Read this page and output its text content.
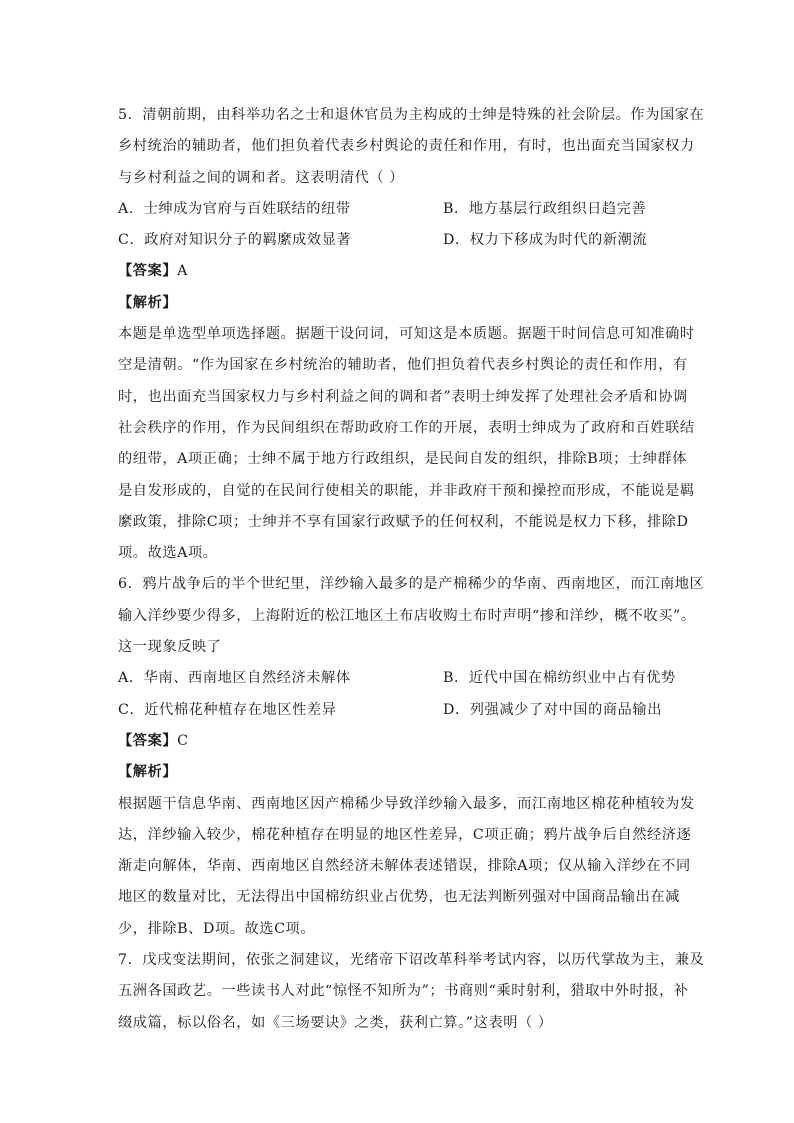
5．清朝前期，由科举功名之士和退休官员为主构成的士绅是特殊的社会阶层。作为国家在
乡村统治的辅助者，他们担负着代表乡村舆论的责任和作用，有时，也出面充当国家权力
与乡村利益之间的调和者。这表明清代（ ）
A．士绅成为官府与百姓联结的纽带	B．地方基层行政组织日趋完善
C．政府对知识分子的羁縻成效显著	D．权力下移成为时代的新潮流
【答案】A
【解析】
本题是单选型单项选择题。据题干设问词，可知这是本质题。据题干时间信息可知准确时
空是清朝。“作为国家在乡村统治的辅助者，他们担负着代表乡村舆论的责任和作用，有
时，也出面充当国家权力与乡村利益之间的调和者”表明士绅发挥了处理社会矛盾和协调
社会秩序的作用，作为民间组织在帮助政府工作的开展，表明士绅成为了政府和百姓联结
的纽带，A项正确；士绅不属于地方行政组织，是民间自发的组织，排除B项；士绅群体
是自发形成的，自觉的在民间行使相关的职能，并非政府干预和操控而形成，不能说是羁
縻政策，排除C项；士绅并不享有国家行政赋予的任何权利，不能说是权力下移，排除D
项。故选A项。
6．鸦片战争后的半个世纪里，洋纱输入最多的是产棉稀少的华南、西南地区，而江南地区
输入洋纱要少得多，上海附近的松江地区土布店收购土布时声明“掺和洋纱，概不收买”。
这一现象反映了
A．华南、西南地区自然经济未解体	B．近代中国在棉纺织业中占有优势
C．近代棉花种植存在地区性差异	D．列强减少了对中国的商品输出
【答案】C
【解析】
根据题干信息华南、西南地区因产棉稀少导致洋纱输入最多，而江南地区棉花种植较为发
达，洋纱输入较少，棉花种植存在明显的地区性差异，C项正确；鸦片战争后自然经济逐
渐走向解体，华南、西南地区自然经济未解体表述错误，排除A项；仅从输入洋纱在不同
地区的数量对比，无法得出中国棉纺织业占优势，也无法判断列强对中国商品输出在减
少，排除B、D项。故选C项。
7．戊戌变法期间，依张之洞建议，光绪帝下诏改革科举考试内容，以历代掌故为主，兼及
五洲各国政艺。一些读书人对此“惊怪不知所为”；书商则“乘时射利，猎取中外时报，补
缀成篇，标以俗名，如《三场要诀》之类，获利亡算。”这表明（ ）
